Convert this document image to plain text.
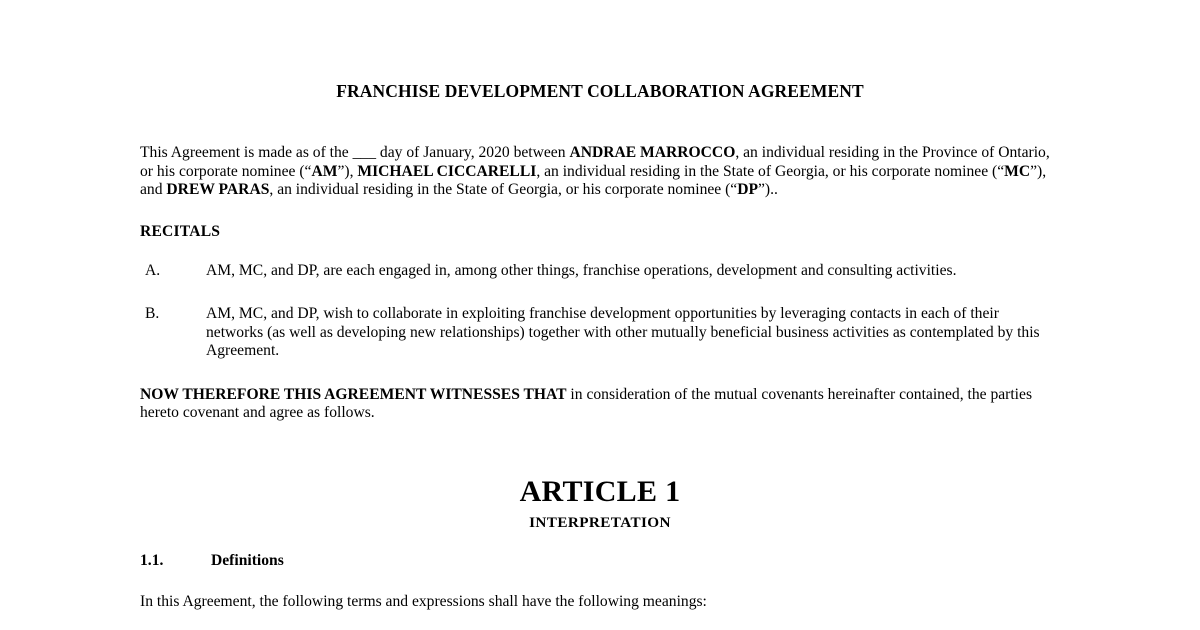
FRANCHISE DEVELOPMENT COLLABORATION AGREEMENT

This Agreement is made as of the ___ day of January, 2020 between ANDRAE MARROCCO, an individual residing in the Province of Ontario, or his corporate nominee (“AM”), MICHAEL CICCARELLI, an individual residing in the State of Georgia, or his corporate nominee (“MC”), and DREW PARAS, an individual residing in the State of Georgia, or his corporate nominee (“DP”)..

RECITALS

A.	AM, MC, and DP, are each engaged in, among other things, franchise operations, development and consulting activities.
B.	AM, MC, and DP, wish to collaborate in exploiting franchise development opportunities by leveraging contacts in each of their networks (as well as developing new relationships) together with other mutually beneficial business activities as contemplated by this Agreement.

NOW THEREFORE THIS AGREEMENT WITNESSES THAT in consideration of the mutual covenants hereinafter contained, the parties hereto covenant and agree as follows.

ARTICLE 1
INTERPRETATION
1.1.	Definitions

In this Agreement, the following terms and expressions shall have the following meanings:
